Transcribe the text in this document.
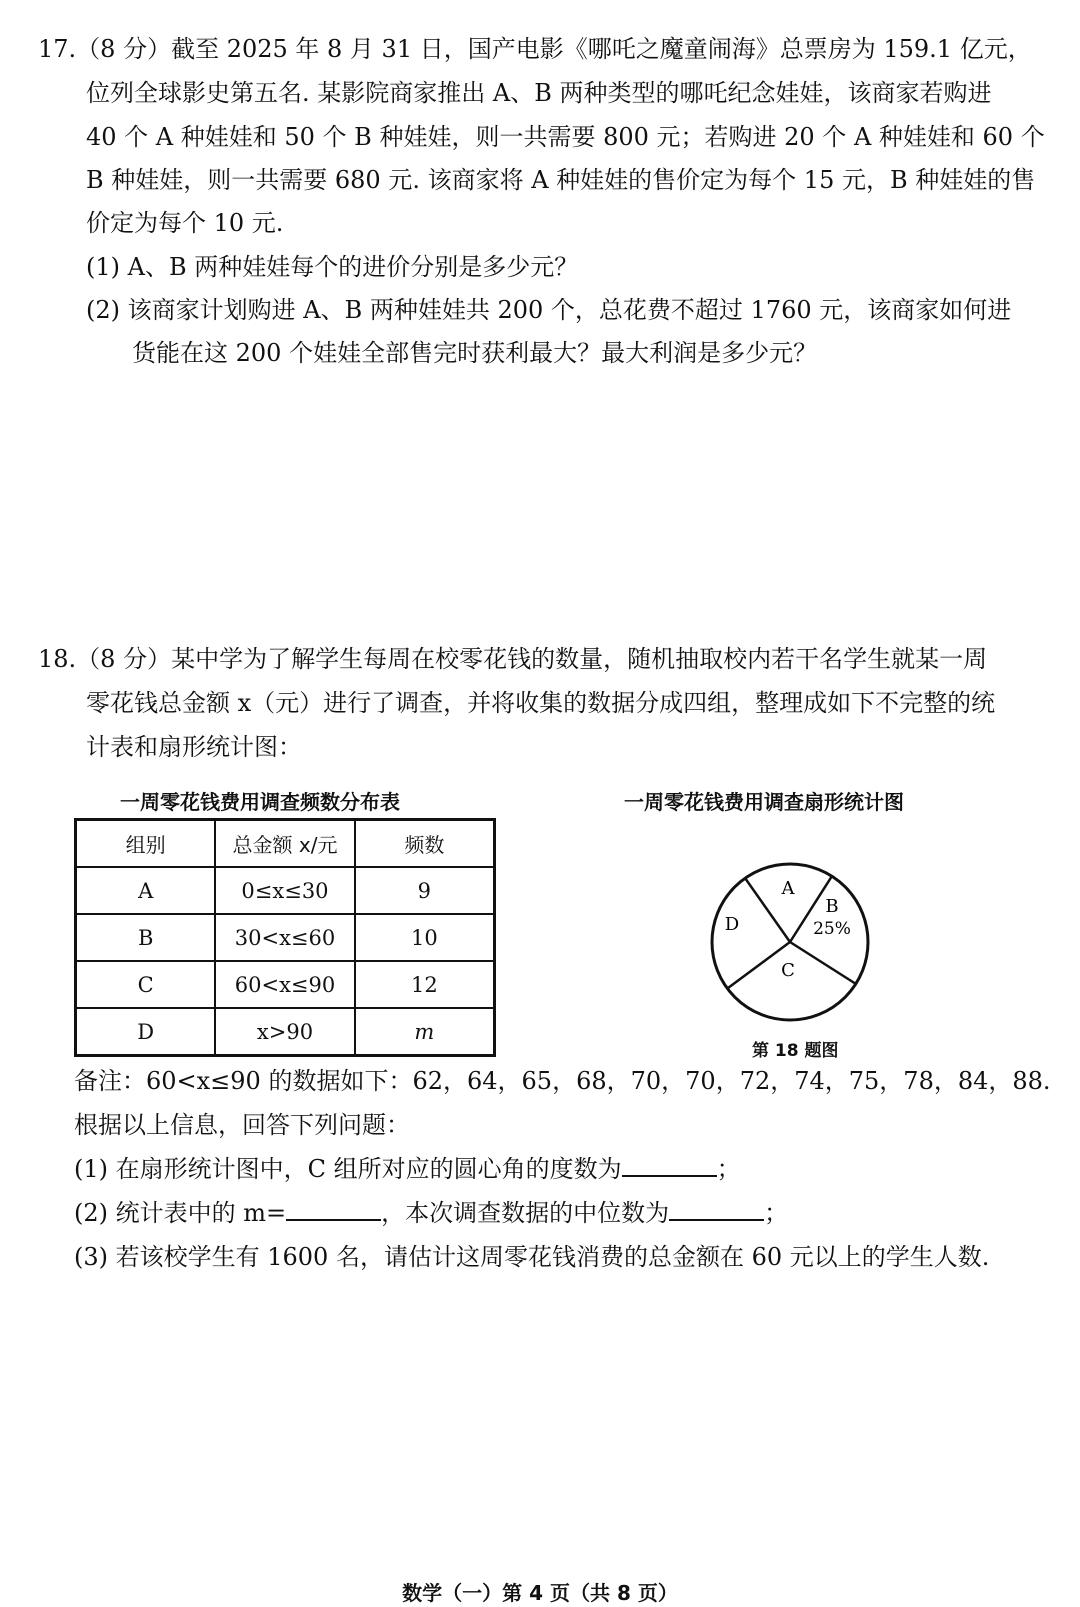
17.（8 分）截至 2025 年 8 月 31 日，国产电影《哪吒之魔童闹海》总票房为 159.1 亿元，
位列全球影史第五名. 某影院商家推出 A、B 两种类型的哪吒纪念娃娃，该商家若购进
40 个 A 种娃娃和 50 个 B 种娃娃，则一共需要 800 元；若购进 20 个 A 种娃娃和 60 个
B 种娃娃，则一共需要 680 元. 该商家将 A 种娃娃的售价定为每个 15 元，B 种娃娃的售
价定为每个 10 元.
(1) A、B 两种娃娃每个的进价分别是多少元？
(2) 该商家计划购进 A、B 两种娃娃共 200 个，总花费不超过 1760 元，该商家如何进
货能在这 200 个娃娃全部售完时获利最大？最大利润是多少元？
18.（8 分）某中学为了解学生每周在校零花钱的数量，随机抽取校内若干名学生就某一周
零花钱总金额 x（元）进行了调查，并将收集的数据分成四组，整理成如下不完整的统
计表和扇形统计图：
一周零花钱费用调查频数分布表	一周零花钱费用调查扇形统计图
组别	总金额 x/元	频数
A	0≤x≤30	9
B	30<x≤60	10
C	60<x≤90	12
D	x>90	m
A
B
25%
C
D
第 18 题图
备注：60<x≤90 的数据如下：62，64，65，68，70，70，72，74，75，78，84，88.
根据以上信息，回答下列问题：
(1) 在扇形统计图中，C 组所对应的圆心角的度数为	；
(2) 统计表中的 m=	，本次调查数据的中位数为	；
(3) 若该校学生有 1600 名，请估计这周零花钱消费的总金额在 60 元以上的学生人数.
数学（一）第 4 页（共 8 页）
